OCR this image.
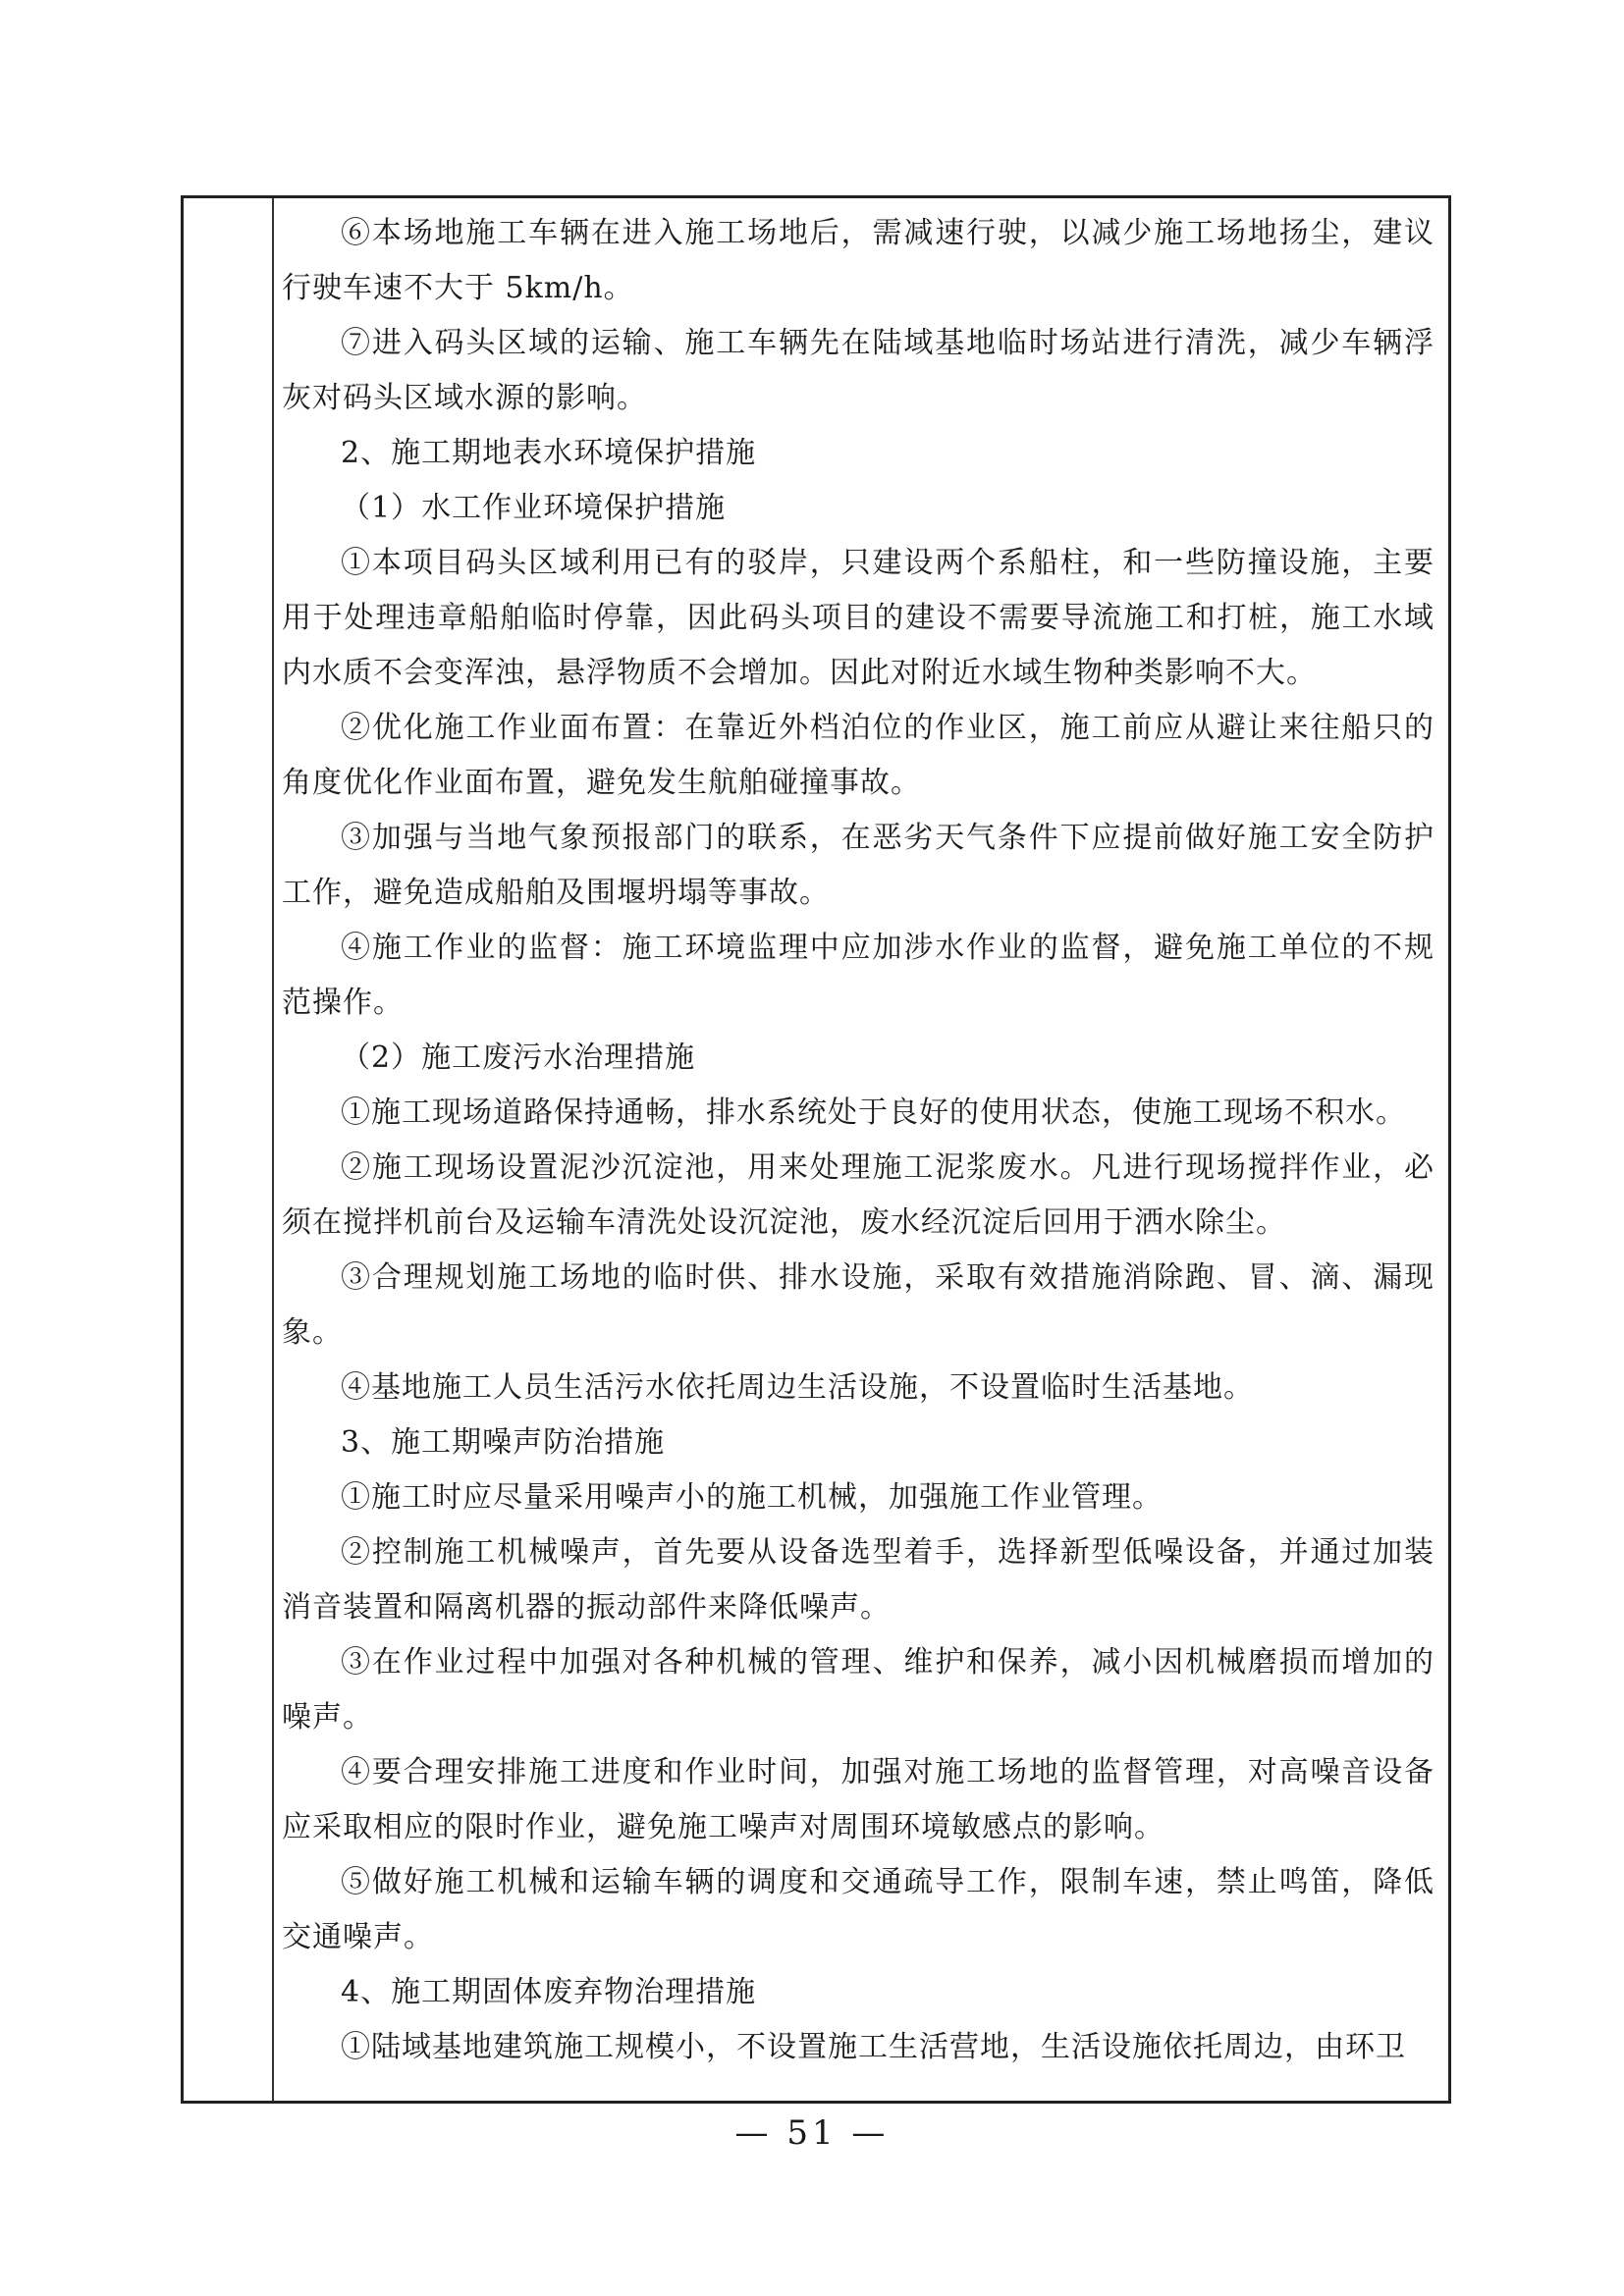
⑥本场地施工车辆在进入施工场地后，需减速行驶，以减少施工场地扬尘，建议行驶车速不大于 5km/h。

⑦进入码头区域的运输、施工车辆先在陆域基地临时场站进行清洗，减少车辆浮灰对码头区域水源的影响。

2、施工期地表水环境保护措施

（1）水工作业环境保护措施

①本项目码头区域利用已有的驳岸，只建设两个系船柱，和一些防撞设施，主要用于处理违章船舶临时停靠，因此码头项目的建设不需要导流施工和打桩，施工水域内水质不会变浑浊，悬浮物质不会增加。因此对附近水域生物种类影响不大。

②优化施工作业面布置：在靠近外档泊位的作业区，施工前应从避让来往船只的角度优化作业面布置，避免发生航舶碰撞事故。

③加强与当地气象预报部门的联系，在恶劣天气条件下应提前做好施工安全防护工作，避免造成船舶及围堰坍塌等事故。

④施工作业的监督：施工环境监理中应加涉水作业的监督，避免施工单位的不规范操作。

（2）施工废污水治理措施

①施工现场道路保持通畅，排水系统处于良好的使用状态，使施工现场不积水。

②施工现场设置泥沙沉淀池，用来处理施工泥浆废水。凡进行现场搅拌作业，必须在搅拌机前台及运输车清洗处设沉淀池，废水经沉淀后回用于洒水除尘。

③合理规划施工场地的临时供、排水设施，采取有效措施消除跑、冒、滴、漏现象。

④基地施工人员生活污水依托周边生活设施，不设置临时生活基地。

3、施工期噪声防治措施

①施工时应尽量采用噪声小的施工机械，加强施工作业管理。

②控制施工机械噪声，首先要从设备选型着手，选择新型低噪设备，并通过加装消音装置和隔离机器的振动部件来降低噪声。

③在作业过程中加强对各种机械的管理、维护和保养，减小因机械磨损而增加的噪声。

④要合理安排施工进度和作业时间，加强对施工场地的监督管理，对高噪音设备应采取相应的限时作业，避免施工噪声对周围环境敏感点的影响。

⑤做好施工机械和运输车辆的调度和交通疏导工作，限制车速，禁止鸣笛，降低交通噪声。

4、施工期固体废弃物治理措施

①陆域基地建筑施工规模小，不设置施工生活营地，生活设施依托周边，由环卫

— 51 —
